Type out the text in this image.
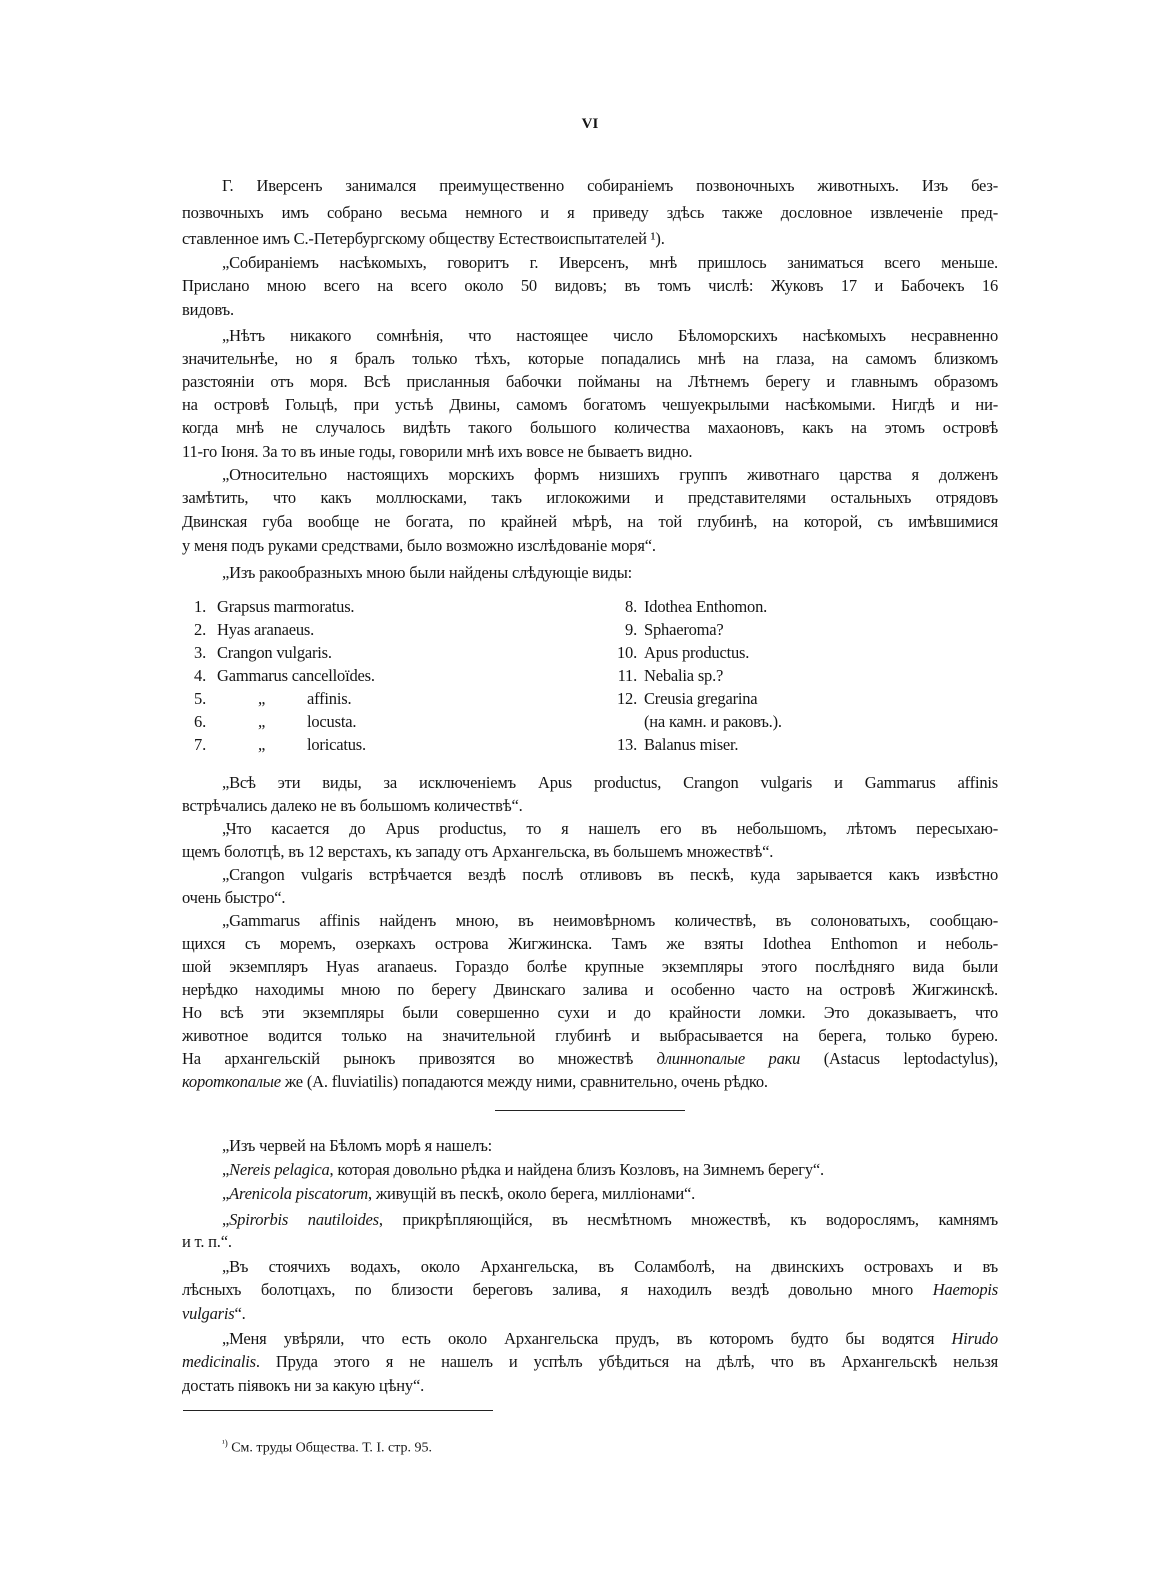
VI
Г. Иверсенъ занимался преимущественно собираніемъ позвоночныхъ животныхъ. Изъ без-
позвочныхъ имъ собрано весьма немного и я приведу здѣсь также дословное извлеченіе пред-
ставленное имъ С.-Петербургскому обществу Естествоиспытателей ¹).
„Собираніемъ насѣкомыхъ, говоритъ г. Иверсенъ, мнѣ пришлось заниматься всего меньше.
Прислано мною всего на всего около 50 видовъ; въ томъ числѣ: Жуковъ 17 и Бабочекъ 16
видовъ.
„Нѣтъ никакого сомнѣнія, что настоящее число Бѣломорскихъ насѣкомыхъ несравненно
значительнѣе, но я бралъ только тѣхъ, которые попадались мнѣ на глаза, на самомъ близкомъ
разстояніи отъ моря. Всѣ присланныя бабочки пойманы на Лѣтнемъ берегу и главнымъ образомъ
на островѣ Гольцѣ, при устьѣ Двины, самомъ богатомъ чешуекрылыми насѣкомыми. Нигдѣ и ни-
когда мнѣ не случалось видѣть такого большого количества махаоновъ, какъ на этомъ островѣ
11-го Іюня. За то въ иные годы, говорили мнѣ ихъ вовсе не бываетъ видно.
„Относительно настоящихъ морскихъ формъ низшихъ группъ животнаго царства я долженъ
замѣтить, что какъ моллюсками, такъ иглокожими и представителями остальныхъ отрядовъ
Двинская губа вообще не богата, по крайней мѣрѣ, на той глубинѣ, на которой, съ имѣвшимися
у меня подъ руками средствами, было возможно изслѣдованіе моря“.
„Изъ ракообразныхъ мною были найдены слѣдующіе виды:
„Всѣ эти виды, за исключеніемъ Apus productus, Crangon vulgaris и Gammarus affinis
встрѣчались далеко не въ большомъ количествѣ“.
„Что касается до Apus productus, то я нашелъ его въ небольшомъ, лѣтомъ пересыхаю-
щемъ болотцѣ, въ 12 верстахъ, къ западу отъ Архангельска, въ большемъ множествѣ“.
„Crangon vulgaris встрѣчается вездѣ послѣ отливовъ въ пескѣ, куда зарывается какъ извѣстно
очень быстро“.
„Gammarus affinis найденъ мною, въ неимовѣрномъ количествѣ, въ солоноватыхъ, сообщаю-
щихся съ моремъ, озеркахъ острова Жигжинска. Тамъ же взяты Idothea Enthomon и неболь-
шой экземпляръ Hyas aranaeus. Гораздо болѣе крупные экземпляры этого послѣдняго вида были
нерѣдко находимы мною по берегу Двинскаго залива и особенно часто на островѣ Жигжинскѣ.
Но всѣ эти экземпляры были совершенно сухи и до крайности ломки. Это доказываетъ, что
животное водится только на значительной глубинѣ и выбрасывается на берега, только бурею.
На архангельскій рынокъ привозятся во множествѣ длиннопалые раки (Astacus leptodactylus),
короткопалые же (A. fluviatilis) попадаются между ними, сравнительно, очень рѣдко.
„Изъ червей на Бѣломъ морѣ я нашелъ:
„Nereis pelagica, которая довольно рѣдка и найдена близъ Козловъ, на Зимнемъ берегу“.
„Arenicola piscatorum, живущій въ пескѣ, около берега, милліонами“.
„Spirorbis nautiloides, прикрѣпляющійся, въ несмѣтномъ множествѣ, къ водорослямъ, камнямъ
и т. п.“.
„Въ стоячихъ водахъ, около Архангельска, въ Соламболѣ, на двинскихъ островахъ и въ
лѣсныхъ болотцахъ, по близости береговъ залива, я находилъ вездѣ довольно много Haemopis
vulgaris“.
„Меня увѣряли, что есть около Архангельска прудъ, въ которомъ будто бы водятся Hirudo
medicinalis. Пруда этого я не нашелъ и успѣлъ убѣдиться на дѣлѣ, что въ Архангельскѣ нельзя
достать піявокъ ни за какую цѣну“.
1. Grapsus marmoratus.
2. Hyas aranaeus.
3. Crangon vulgaris.
4. Gammarus cancelloïdes.
5.	„	affinis.
6.	„	locusta.
7.	„	loricatus.
8. Idothea Enthomon.
9. Sphaeroma?
10. Apus productus.
11. Nebalia sp.?
12. Creusia gregarina
(на камн. и раковъ.).
13. Balanus miser.
$^{^1)}$ См. труды Общества. Т. I. стр. 95.
